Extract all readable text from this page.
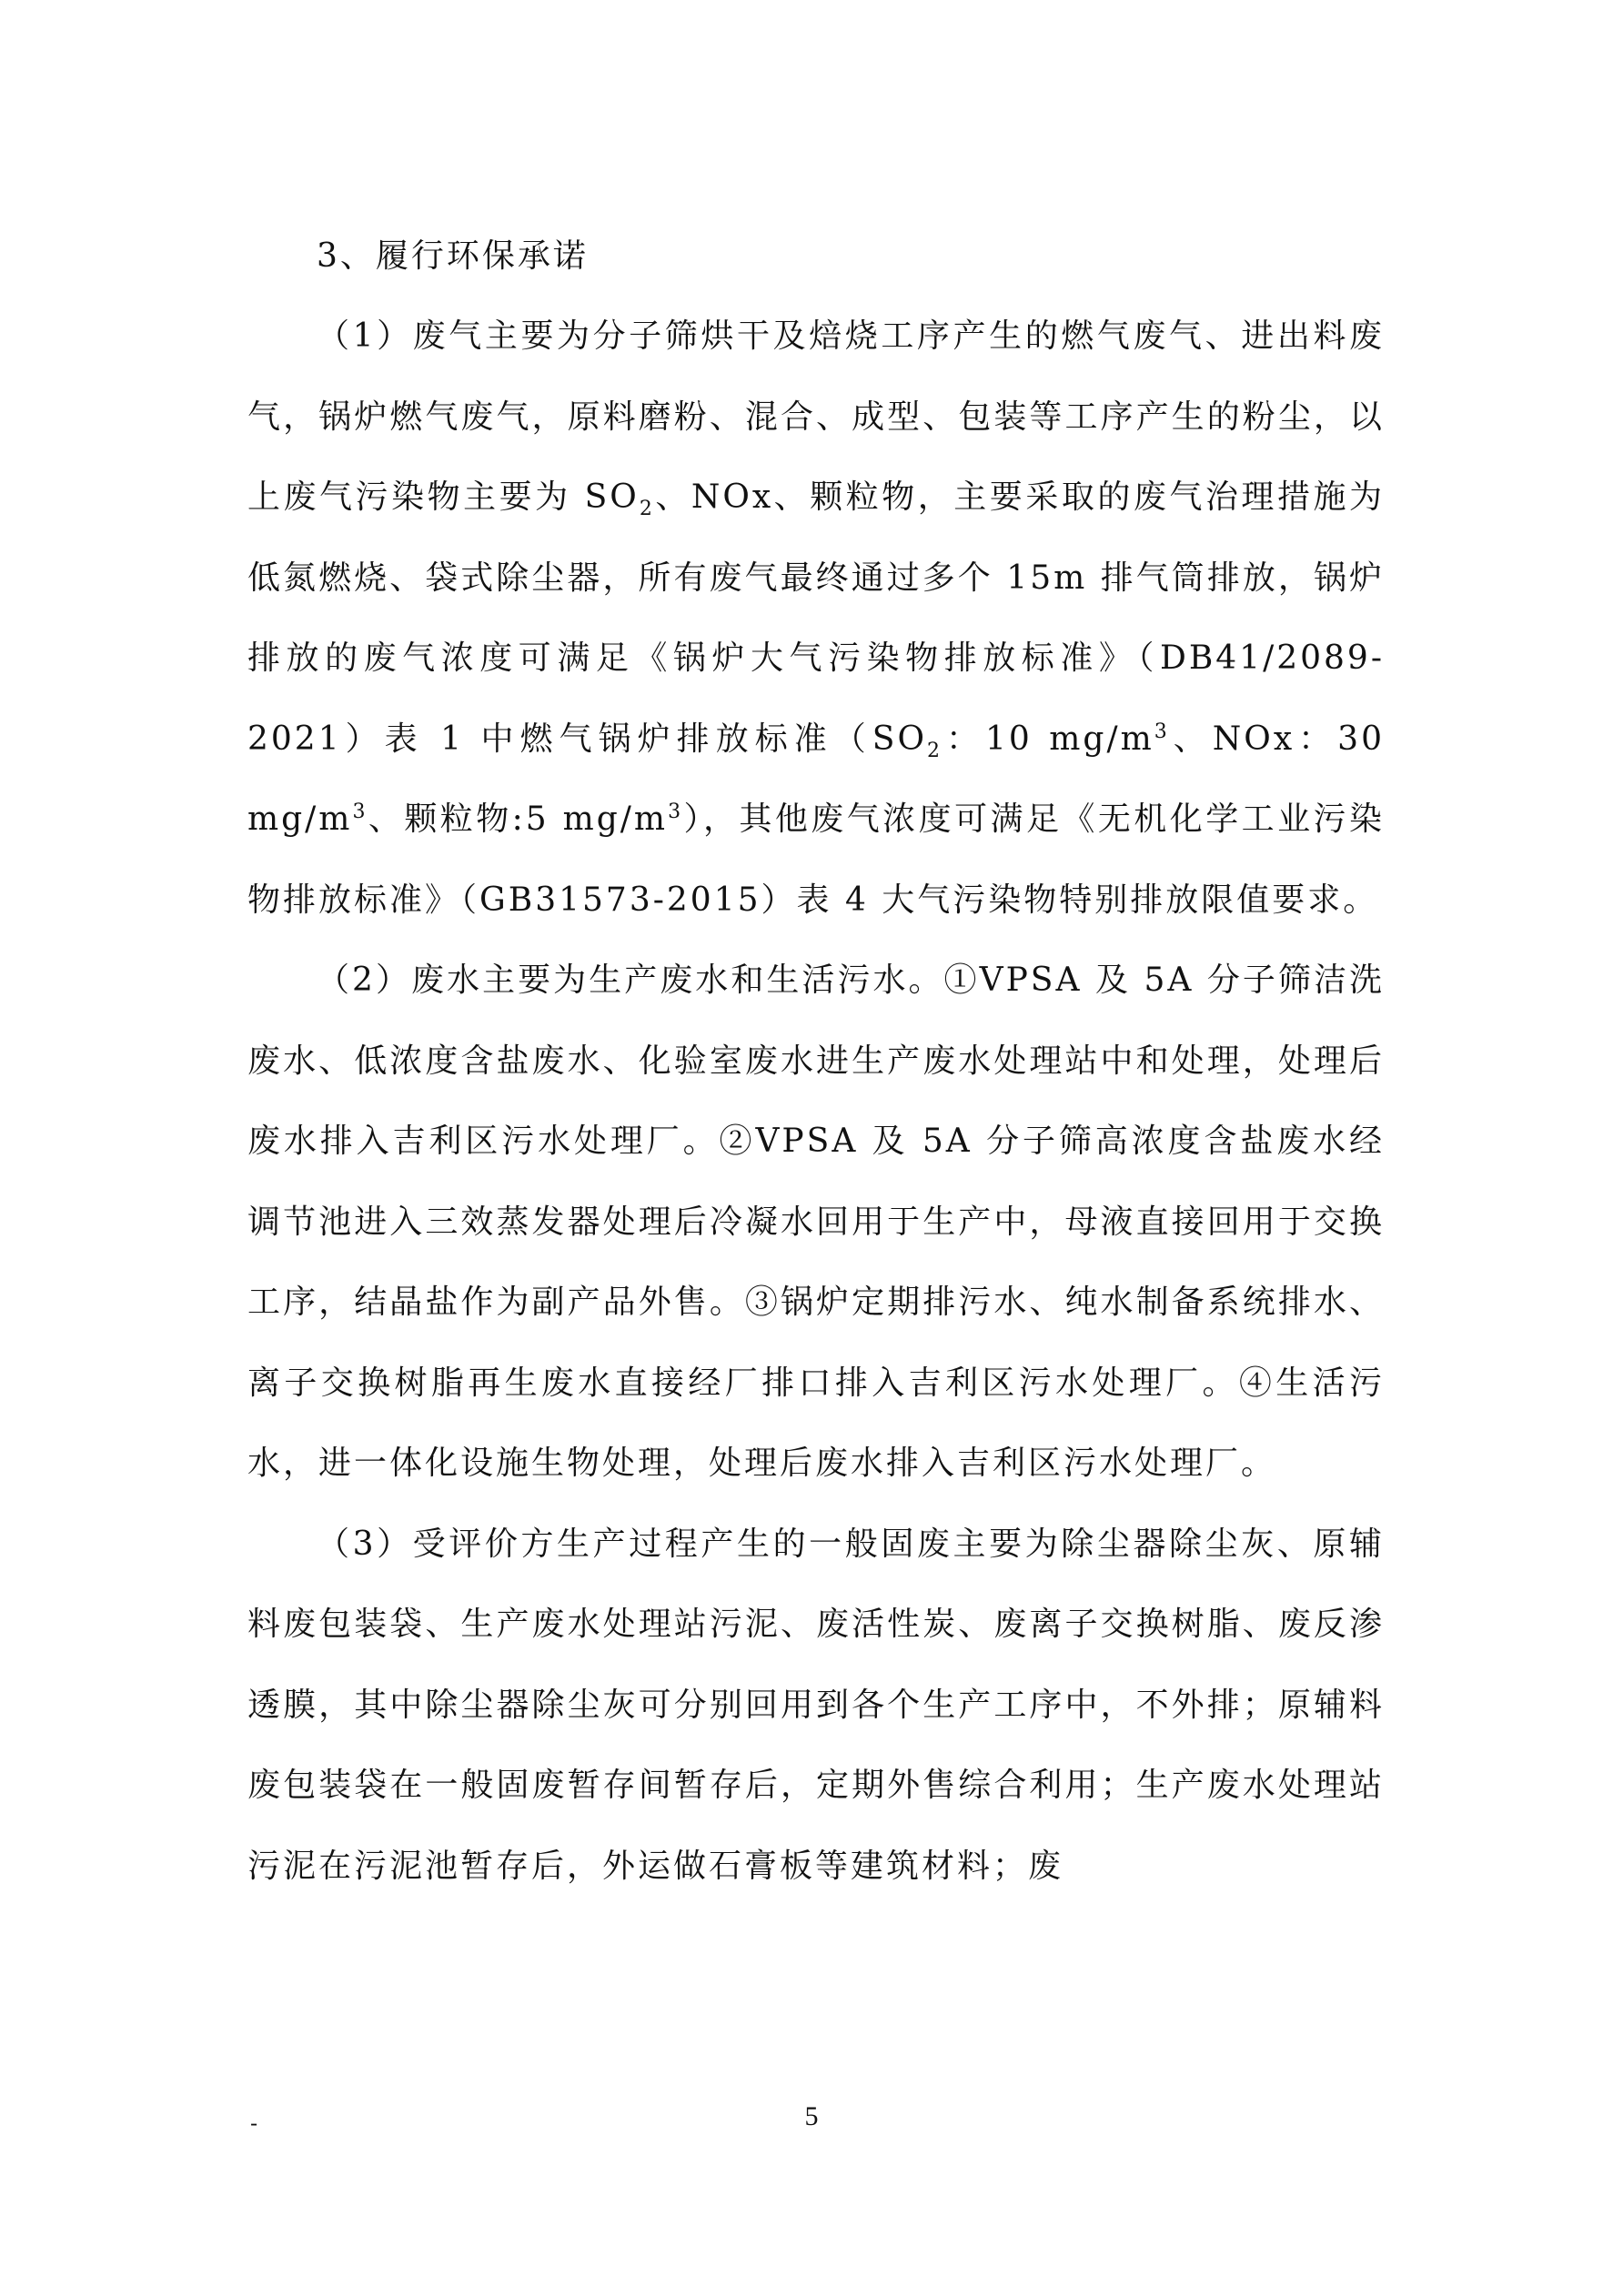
3、履行环保承诺

（1）废气主要为分子筛烘干及焙烧工序产生的燃气废气、进出料废气，锅炉燃气废气，原料磨粉、混合、成型、包装等工序产生的粉尘，以上废气污染物主要为 $SO_2$、NOx、颗粒物，主要采取的废气治理措施为低氮燃烧、袋式除尘器，所有废气最终通过多个 15m 排气筒排放，锅炉排放的废气浓度可满足《锅炉大气污染物排放标准》（DB41/2089-2021）表 1 中燃气锅炉排放标准（$SO_2$：10 $mg/m^3$、NOx：30 $mg/m^3$、颗粒物:5 $mg/m^3$），其他废气浓度可满足《无机化学工业污染物排放标准》（GB31573-2015）表 4 大气污染物特别排放限值要求。

（2）废水主要为生产废水和生活污水。①VPSA 及 5A 分子筛洁洗废水、低浓度含盐废水、化验室废水进生产废水处理站中和处理，处理后废水排入吉利区污水处理厂。②VPSA 及 5A 分子筛高浓度含盐废水经调节池进入三效蒸发器处理后冷凝水回用于生产中，母液直接回用于交换工序，结晶盐作为副产品外售。③锅炉定期排污水、纯水制备系统排水、离子交换树脂再生废水直接经厂排口排入吉利区污水处理厂。④生活污水，进一体化设施生物处理，处理后废水排入吉利区污水处理厂。

（3）受评价方生产过程产生的一般固废主要为除尘器除尘灰、原辅料废包装袋、生产废水处理站污泥、废活性炭、废离子交换树脂、废反渗透膜，其中除尘器除尘灰可分别回用到各个生产工序中，不外排；原辅料废包装袋在一般固废暂存间暂存后，定期外售综合利用；生产废水处理站污泥在污泥池暂存后，外运做石膏板等建筑材料；废

-	5
